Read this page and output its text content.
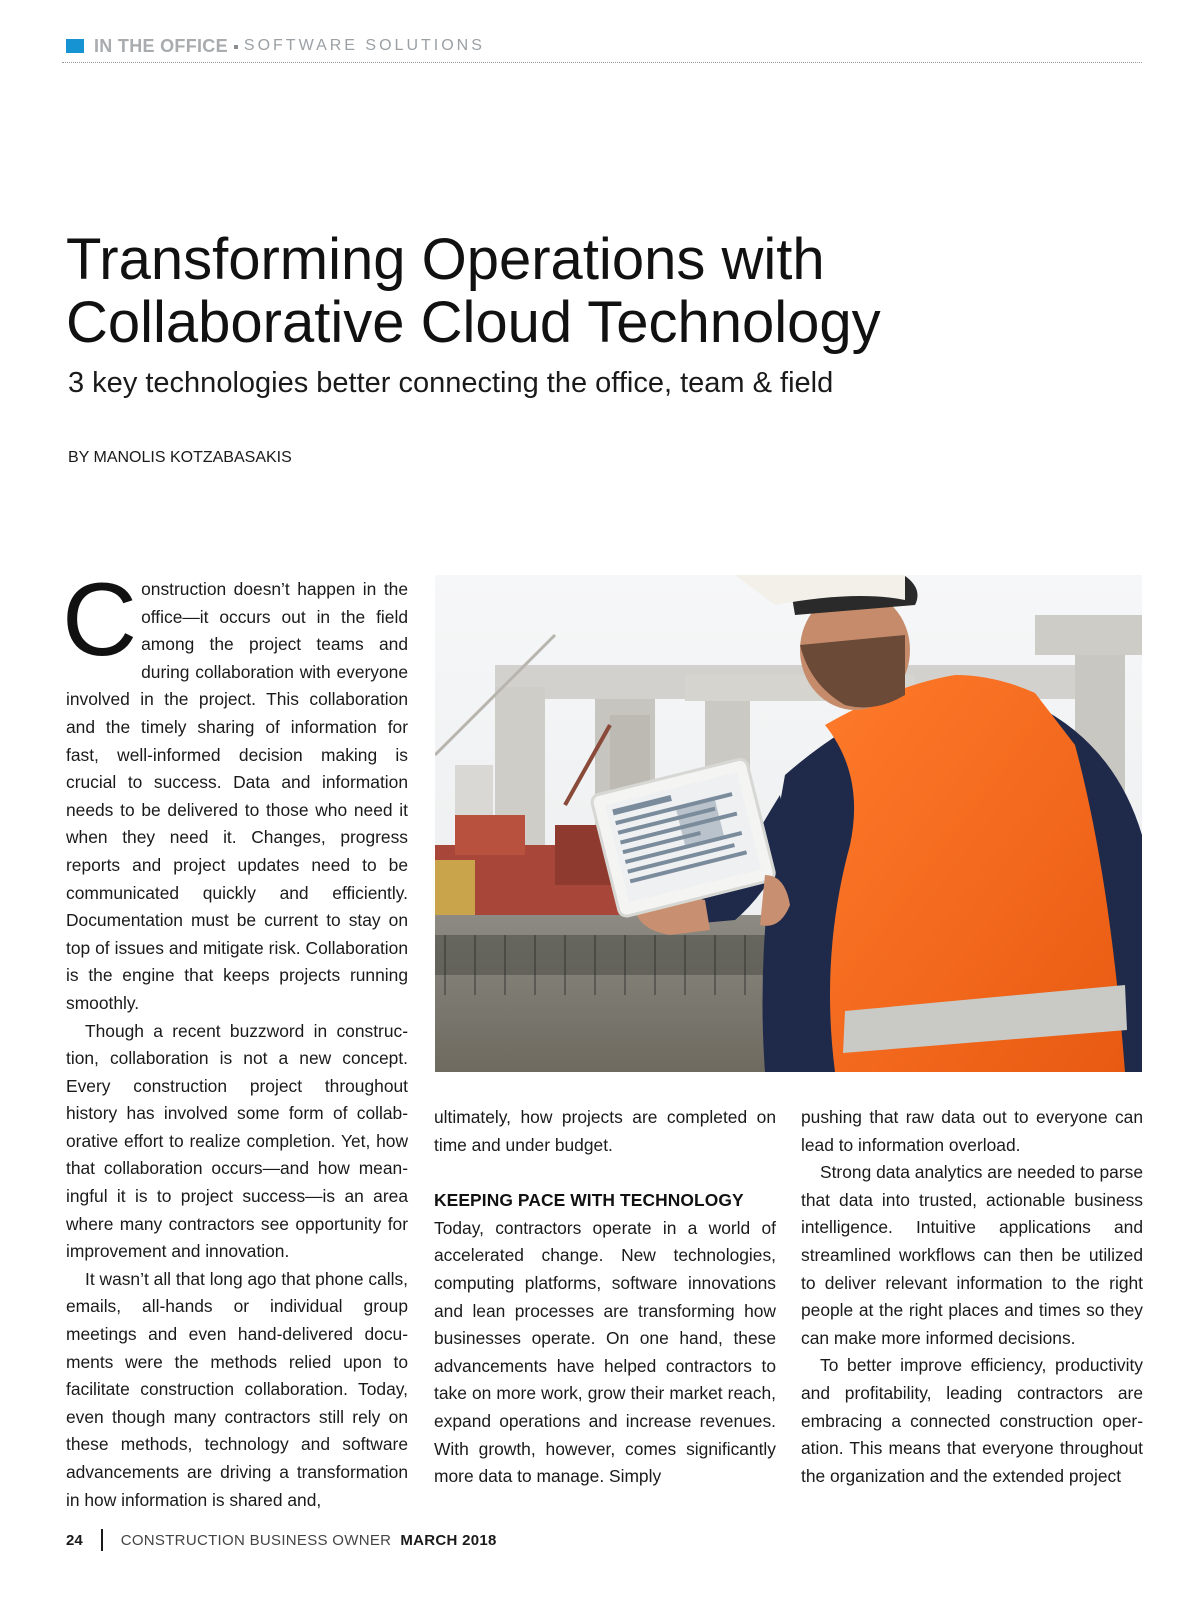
IN THE OFFICE SOFTWARE SOLUTIONS
Transforming Operations with
Collaborative Cloud Technology
3 key technologies better connecting the office, team & field
BY MANOLIS KOTZABASAKIS

Construction doesn’t happen in the office—it occurs out in the field among the project teams and during collaboration with everyone involved in the project. This collaboration and the timely sharing of information for fast, well-informed decision making is crucial to success. Data and information needs to be delivered to those who need it when they need it. Changes, progress reports and project updates need to be communicated quickly and efficiently. Documentation must be current to stay on top of issues and mitigate risk. Collaboration is the engine that keeps projects running smoothly.

Though a recent buzzword in construction, collaboration is not a new concept. Every construction project throughout history has involved some form of collaborative effort to realize completion. Yet, how that collaboration occurs—and how meaningful it is to project success—is an area where many contractors see opportunity for improvement and innovation.

It wasn’t all that long ago that phone calls, emails, all-hands or individual group meetings and even hand-delivered documents were the methods relied upon to facilitate construction collaboration. Today, even though many contractors still rely on these methods, technology and software advancements are driving a transformation in how information is shared and,

ultimately, how projects are completed on time and under budget.

KEEPING PACE WITH TECHNOLOGY

Today, contractors operate in a world of accelerated change. New technologies, computing platforms, software innovations and lean processes are transforming how businesses operate. On one hand, these advancements have helped contractors to take on more work, grow their market reach, expand operations and increase revenues. With growth, however, comes significantly more data to manage. Simply

pushing that raw data out to everyone can lead to information overload.

Strong data analytics are needed to parse that data into trusted, actionable business intelligence. Intuitive applications and streamlined workflows can then be utilized to deliver relevant information to the right people at the right places and times so they can make more informed decisions.

To better improve efficiency, productivity and profitability, leading contractors are embracing a connected construction operation. This means that everyone throughout the organization and the extended project

24	CONSTRUCTION BUSINESS OWNER MARCH 2018
